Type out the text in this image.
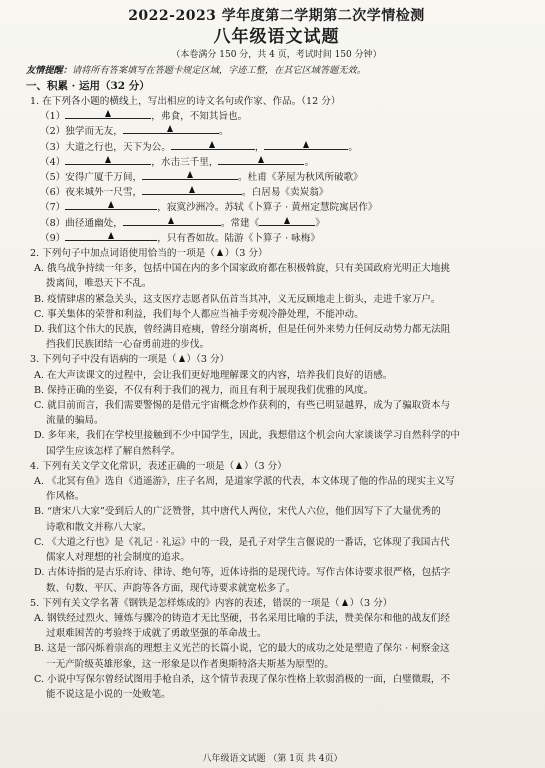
2022-2023 学年度第二学期第二次学情检测
八年级语文试题
（本卷满分 150 分，共 4 页，考试时间 150 分钟）
友情提醒：请将所有答案填写在答题卡规定区域，字迹工整，在其它区域答题无效。
一、积累 · 运用（32 分）
1. 在下列各小题的横线上，写出相应的诗文名句或作家、作品。（12 分）
（1）	，弗食，不知其旨也。
（2）独学而无友，	。
（3）大道之行也，天下为公。	，	。
（4）	，水击三千里，	。
（5）安得广厦千万间，	。杜甫《茅屋为秋风所破歌》
（6）夜来城外一尺雪，	。白居易《卖炭翁》
（7）	，寂寞沙洲冷。苏轼《卜算子 · 黄州定慧院寓居作》
（8）曲径通幽处，	。常建《	》
（9）	，只有香如故。陆游《卜算子 · 咏梅》
2. 下列句子中加点词语使用恰当的一项是（ ）（3 分）
A. 俄乌战争持续一年多，包括中国在内的多个国家政府都在积极斡旋，只有美国政府光明正大地挑
拨离间，唯恐天下不乱。
B. 疫情肆虐的紧急关头，这支医疗志愿者队伍首当其冲，义无反顾地走上街头，走进千家万户。
C. 事关集体的荣誉和利益，我们每个人都应当袖手旁观冷静处理，不能冲动。
D. 我们这个伟大的民族，曾经满目疮痍，曾经分崩离析，但是任何外来势力任何反动势力都无法阻
挡我们民族团结一心奋勇前进的步伐。
3. 下列句子中没有语病的一项是（ ）（3 分）
A. 在大声读课文的过程中，会让我们更好地理解课文的内容，培养我们良好的语感。
B. 保持正确的坐姿，不仅有利于我们的视力，而且有利于展现我们优雅的风度。
C. 就目前而言，我们需要警惕的是借元宇宙概念炒作获利的，有些已明显越界，成为了骗取资本与
流量的骗局。
D. 多年来，我们在学校里接触到不少中国学生，因此，我想借这个机会向大家谈谈学习自然科学的中
国学生应该怎样了解自然科学。
4. 下列有关文学文化常识，表述正确的一项是（ ）（3 分）
A. 《北冥有鱼》选自《逍遥游》，庄子名周，是道家学派的代表，本文体现了他的作品的现实主义写
作风格。
B. “唐宋八大家”受到后人的广泛赞誉，其中唐代人两位，宋代人六位，他们因写下了大量优秀的
诗歌和散文并称八大家。
C. 《大道之行也》是《礼记 · 礼运》中的一段，是孔子对学生言偃说的一番话，它体现了我国古代
儒家人对理想的社会制度的追求。
D. 古体诗指的是古乐府诗、律诗、绝句等，近体诗指的是现代诗。写作古体诗要求很严格，包括字
数、句数、平仄、声韵等各方面，现代诗要求就宽松多了。
5. 下列有关文学名著《钢铁是怎样炼成的》内容的表述，错误的一项是（ ）（3 分）
A. 钢铁经过烈火、锤炼与骤冷的铸造才无比坚硬，书名采用比喻的手法，赞美保尔和他的战友们经
过艰难困苦的考验终于成就了勇敢坚强的革命战士。
B. 这是一部闪烁着崇高的理想主义光芒的长篇小说，它的最大的成功之处是塑造了保尔 · 柯察金这
一无产阶级英雄形象，这一形象是以作者奥斯特洛夫斯基为原型的。
C. 小说中写保尔曾经试图用手枪自杀，这个情节表现了保尔性格上软弱消极的一面，白璧微瑕，不
能不说这是小说的一处败笔。
八年级语文试题 （第 1页 共 4页）
